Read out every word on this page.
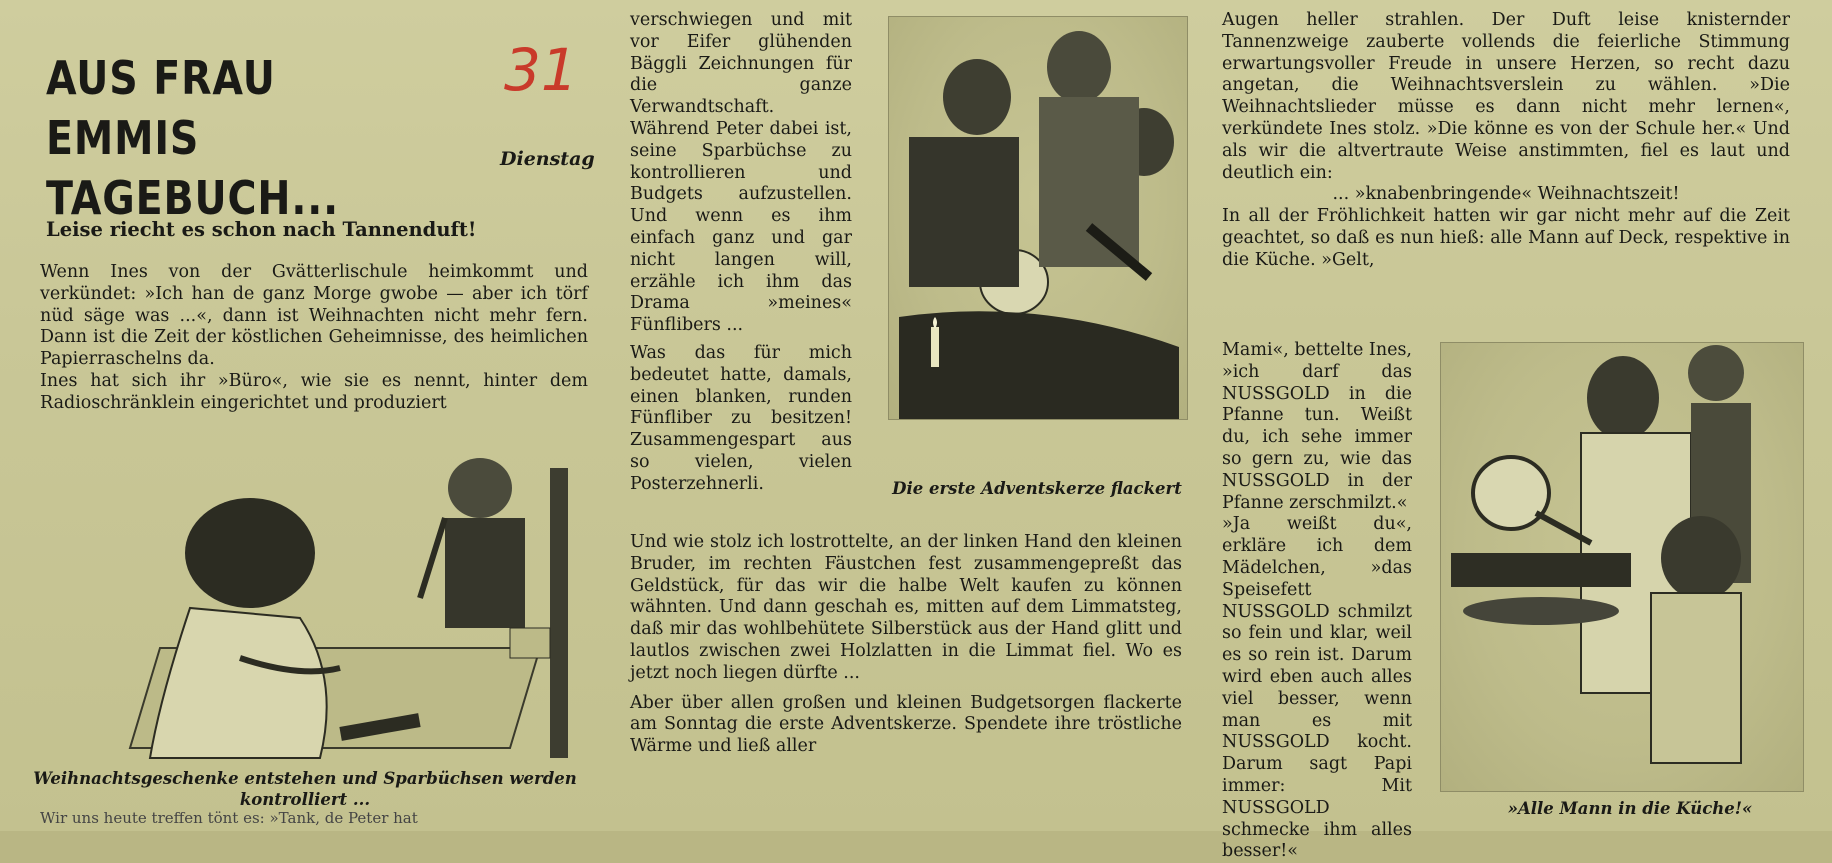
AUS FRAU EMMIS
TAGEBUCH...
31
Dienstag
Leise riecht es schon nach Tannenduft!

Wenn Ines von der Gvätterlischule heimkommt und verkündet: »Ich han de ganz Morge gwobe — aber ich törf nüd säge was ...«, dann ist Weihnachten nicht mehr fern. Dann ist die Zeit der köstlichen Geheimnisse, des heimlichen Papierraschelns da.

Ines hat sich ihr »Büro«, wie sie es nennt, hinter dem Radioschränklein eingerichtet und produziert

Weihnachtsgeschenke entstehen und Sparbüchsen werden kontrolliert ...
Wir uns heute treffen tönt es: »Tank, de Peter hat

verschwiegen und mit vor Eifer glühenden Bäggli Zeichnungen für die ganze Verwandtschaft. Während Peter dabei ist, seine Sparbüchse zu kontrollieren und Budgets aufzustellen. Und wenn es ihm einfach ganz und gar nicht langen will, erzähle ich ihm das Drama »meines« Fünflibers ...

Was das für mich bedeutet hatte, damals, einen blanken, runden Fünfliber zu besitzen! Zusammengespart aus so vielen, vielen Posterzehnerli.	Die erste Adventskerze flackert

Und wie stolz ich lostrottelte, an der linken Hand den kleinen Bruder, im rechten Fäustchen fest zusammengepreßt das Geldstück, für das wir die halbe Welt kaufen zu können wähnten. Und dann geschah es, mitten auf dem Limmatsteg, daß mir das wohlbehütete Silberstück aus der Hand glitt und lautlos zwischen zwei Holzlatten in die Limmat fiel. Wo es jetzt noch liegen dürfte ...

Aber über allen großen und kleinen Budgetsorgen flackerte am Sonntag die erste Adventskerze. Spendete ihre tröstliche Wärme und ließ aller

Augen heller strahlen. Der Duft leise knisternder Tannenzweige zauberte vollends die feierliche Stimmung erwartungsvoller Freude in unsere Herzen, so recht dazu angetan, die Weihnachtsverslein zu wählen. »Die Weihnachtslieder müsse es dann nicht mehr lernen«, verkündete Ines stolz. »Die könne es von der Schule her.« Und als wir die altvertraute Weise anstimmten, fiel es laut und deutlich ein:

... »knabenbringende« Weihnachtszeit!

In all der Fröhlichkeit hatten wir gar nicht mehr auf die Zeit geachtet, so daß es nun hieß: alle Mann auf Deck, respektive in die Küche. »Gelt,

Mami«, bettelte Ines, »ich darf das NUSSGOLD in die Pfanne tun. Weißt du, ich sehe immer so gern zu, wie das NUSSGOLD in der Pfanne zerschmilzt.«

»Ja weißt du«, erkläre ich dem Mädelchen, »das Speisefett NUSSGOLD schmilzt so fein und klar, weil es so rein ist. Darum wird eben auch alles viel besser, wenn man es mit NUSSGOLD kocht. Darum sagt Papi immer: Mit NUSSGOLD schmecke ihm alles besser!«

»Alle Mann in die Küche!«
